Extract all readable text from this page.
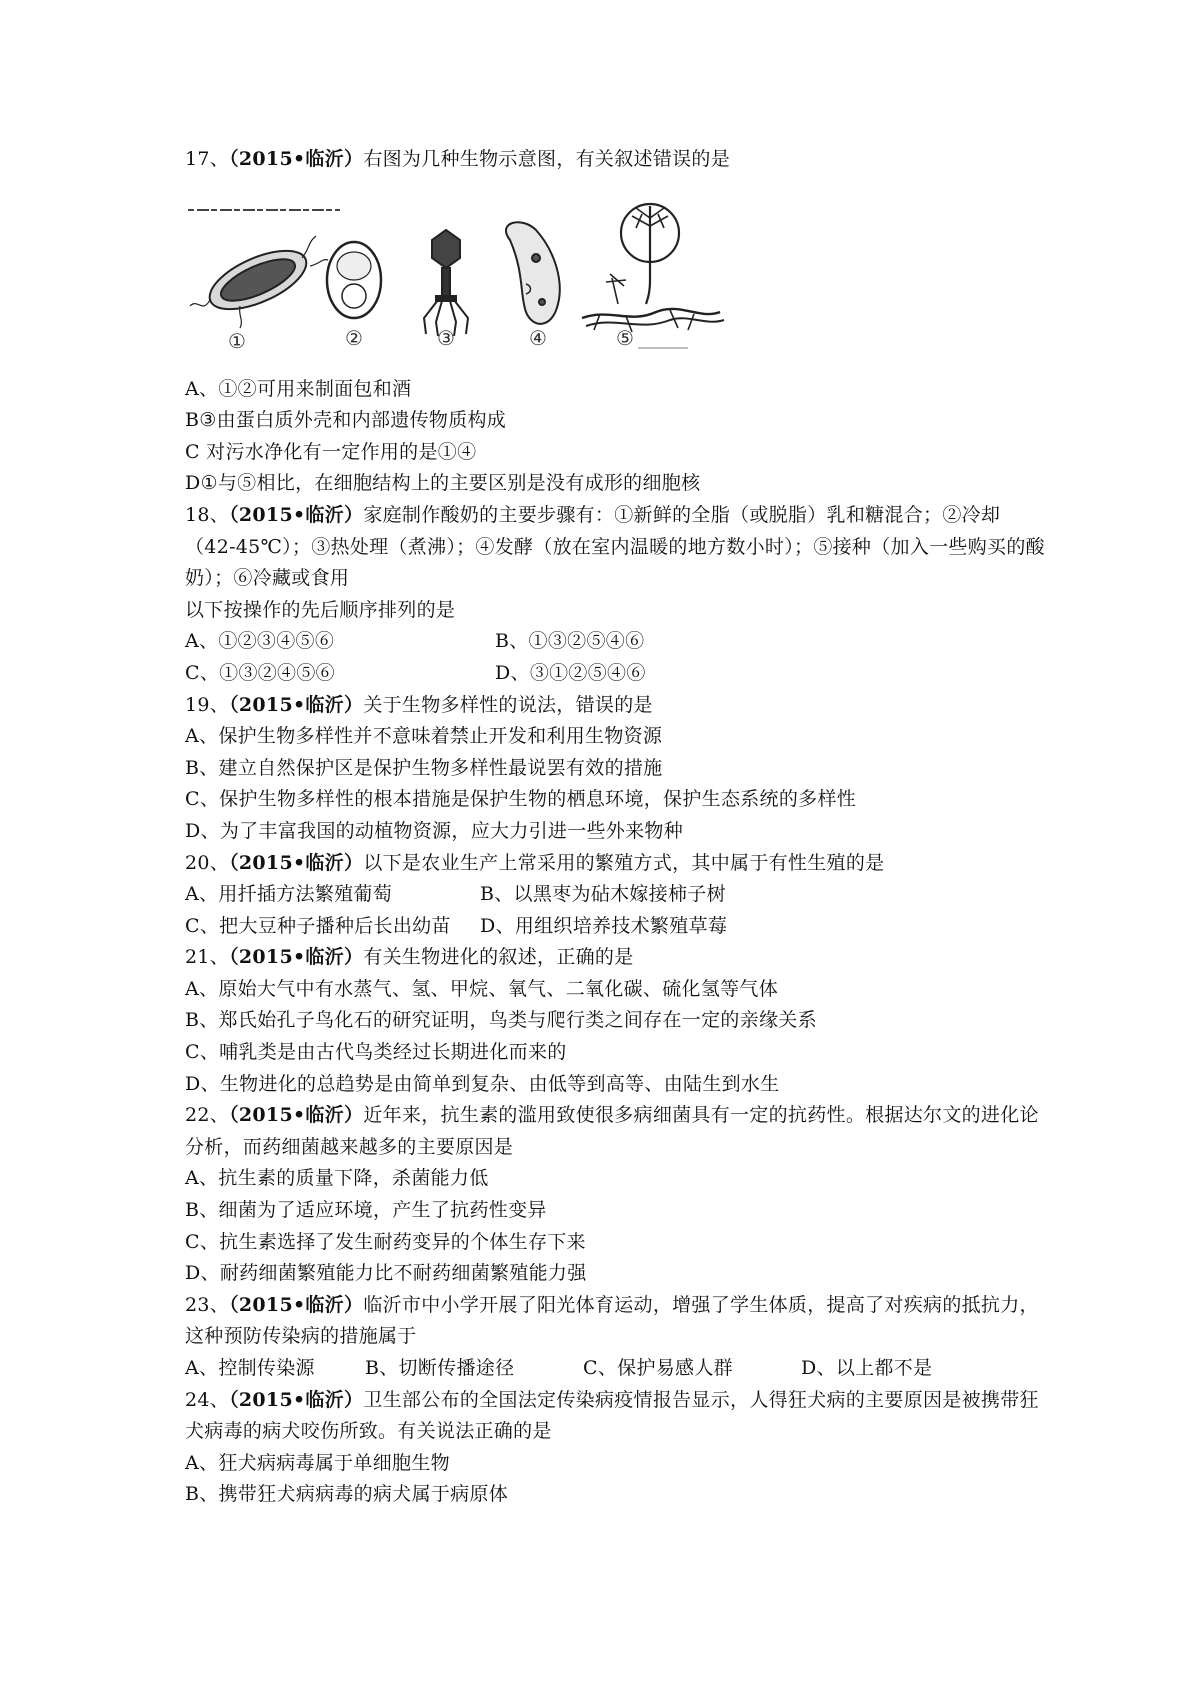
17、（2015•临沂）右图为几种生物示意图，有关叙述错误的是
①	②	③	④	⑤
A、①②可用来制面包和酒
B③由蛋白质外壳和内部遗传物质构成
C 对污水净化有一定作用的是①④
D①与⑤相比，在细胞结构上的主要区别是没有成形的细胞核
18、（2015•临沂）家庭制作酸奶的主要步骤有：①新鲜的全脂（或脱脂）乳和糖混合；②冷却（42-45℃）；③热处理（煮沸）；④发酵（放在室内温暖的地方数小时）；⑤接种（加入一些购买的酸奶）；⑥冷藏或食用
以下按操作的先后顺序排列的是
A、①②③④⑤⑥	B、①③②⑤④⑥
C、①③②④⑤⑥	D、③①②⑤④⑥
19、（2015•临沂）关于生物多样性的说法，错误的是
A、保护生物多样性并不意味着禁止开发和利用生物资源
B、建立自然保护区是保护生物多样性最说罢有效的措施
C、保护生物多样性的根本措施是保护生物的栖息环境，保护生态系统的多样性
D、为了丰富我国的动植物资源，应大力引进一些外来物种
20、（2015•临沂）以下是农业生产上常采用的繁殖方式，其中属于有性生殖的是
A、用扦插方法繁殖葡萄	B、以黑枣为砧木嫁接柿子树
C、把大豆种子播种后长出幼苗	D、用组织培养技术繁殖草莓
21、（2015•临沂）有关生物进化的叙述，正确的是
A、原始大气中有水蒸气、氢、甲烷、氧气、二氧化碳、硫化氢等气体
B、郑氏始孔子鸟化石的研究证明，鸟类与爬行类之间存在一定的亲缘关系
C、哺乳类是由古代鸟类经过长期进化而来的
D、生物进化的总趋势是由简单到复杂、由低等到高等、由陆生到水生
22、（2015•临沂）近年来，抗生素的滥用致使很多病细菌具有一定的抗药性。根据达尔文的进化论分析，而药细菌越来越多的主要原因是
A、抗生素的质量下降，杀菌能力低
B、细菌为了适应环境，产生了抗药性变异
C、抗生素选择了发生耐药变异的个体生存下来
D、耐药细菌繁殖能力比不耐药细菌繁殖能力强
23、（2015•临沂）临沂市中小学开展了阳光体育运动，增强了学生体质，提高了对疾病的抵抗力，这种预防传染病的措施属于
A、控制传染源	B、切断传播途径	C、保护易感人群	D、以上都不是
24、（2015•临沂）卫生部公布的全国法定传染病疫情报告显示，人得狂犬病的主要原因是被携带狂犬病毒的病犬咬伤所致。有关说法正确的是
A、狂犬病病毒属于单细胞生物
B、携带狂犬病病毒的病犬属于病原体
